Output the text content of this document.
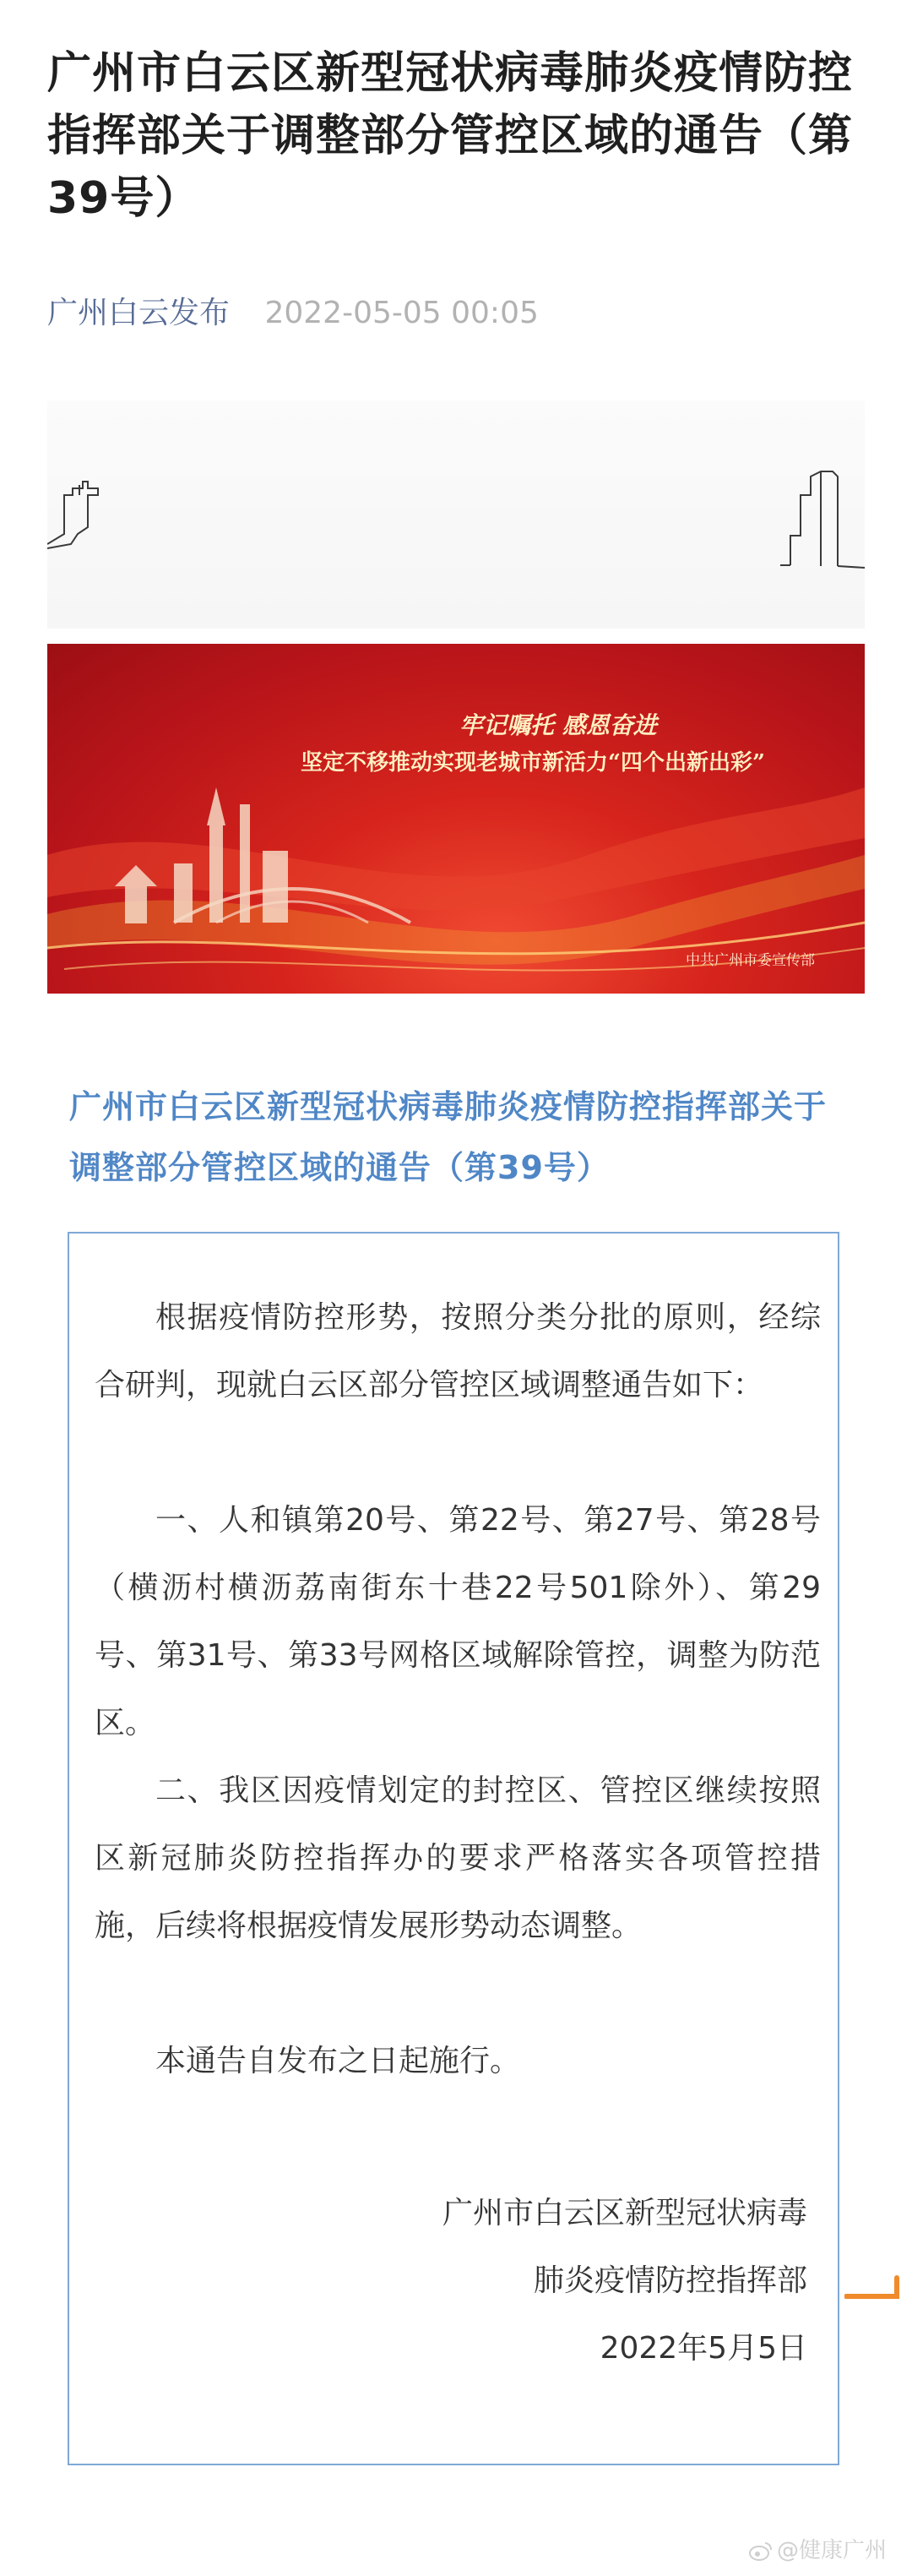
广州市白云区新型冠状病毒肺炎疫情防控指挥部关于调整部分管控区域的通告（第39号）
广州白云发布 2022-05-05 00:05
牢记嘱托 感恩奋进
坚定不移推动实现老城市新活力“四个出新出彩”
中共广州市委宣传部
广州市白云区新型冠状病毒肺炎疫情防控指挥部关于调整部分管控区域的通告（第39号）

根据疫情防控形势，按照分类分批的原则，经综合研判，现就白云区部分管控区域调整通告如下：

一、人和镇第20号、第22号、第27号、第28号（横沥村横沥荔南街东十巷22号501除外）、第29号、第31号、第33号网格区域解除管控，调整为防范区。

二、我区因疫情划定的封控区、管控区继续按照区新冠肺炎防控指挥办的要求严格落实各项管控措施，后续将根据疫情发展形势动态调整。

本通告自发布之日起施行。

广州市白云区新型冠状病毒

肺炎疫情防控指挥部

2022年5月5日

@健康广州
